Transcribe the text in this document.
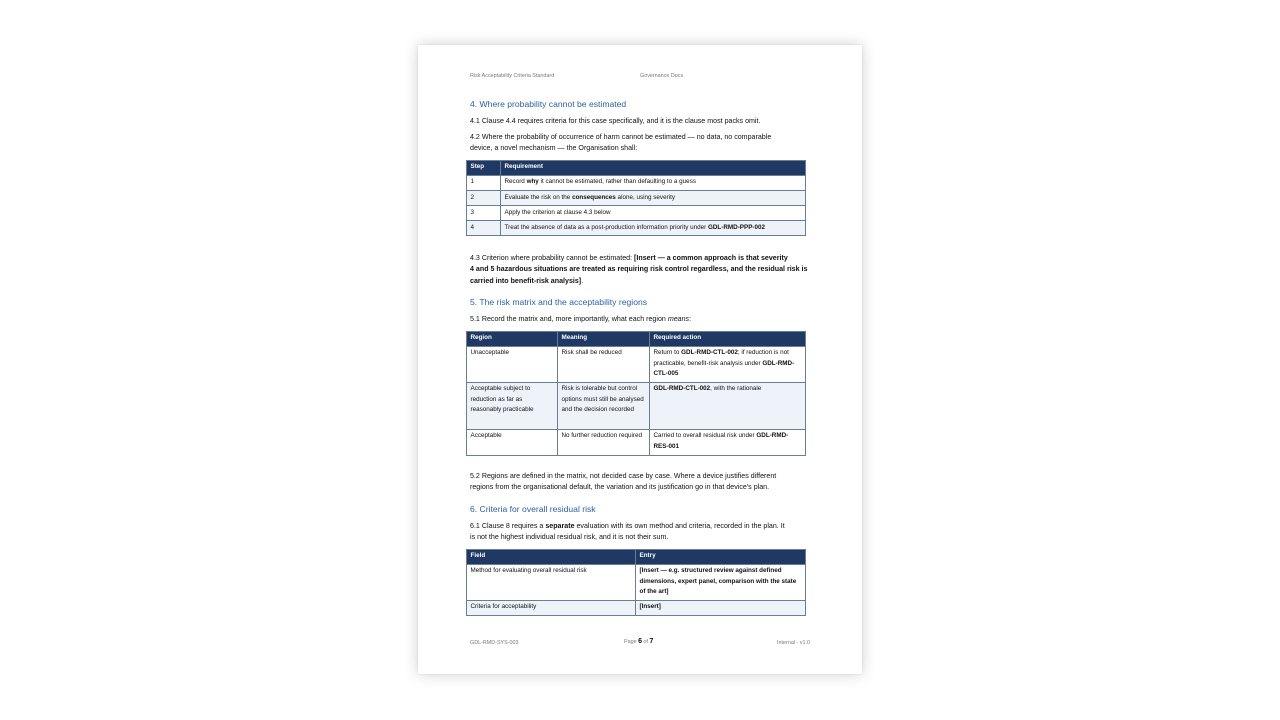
Risk Acceptability Criteria Standard	Governance Docs
4. Where probability cannot be estimated
4.1 Clause 4.4 requires criteria for this case specifically, and it is the clause most packs omit.
4.2 Where the probability of occurrence of harm cannot be estimated — no data, no comparable
device, a novel mechanism — the Organisation shall:
Step	Requirement
1	Record why it cannot be estimated, rather than defaulting to a guess
2	Evaluate the risk on the consequences alone, using severity
3	Apply the criterion at clause 4.3 below
4	Treat the absence of data as a post-production information priority under GDL-RMD-PPP-002
4.3 Criterion where probability cannot be estimated: [Insert — a common approach is that severity
4 and 5 hazardous situations are treated as requiring risk control regardless, and the residual risk is
carried into benefit-risk analysis].
5. The risk matrix and the acceptability regions
5.1 Record the matrix and, more importantly, what each region means:
Region	Meaning	Required action
Unacceptable	Risk shall be reduced	Return to GDL-RMD-CTL-002; if reduction is not practicable, benefit-risk analysis under GDL-RMD-CTL-005
Acceptable subject to reduction as far as reasonably practicable	Risk is tolerable but control options must still be analysed and the decision recorded	GDL-RMD-CTL-002, with the rationale
Acceptable	No further reduction required	Carried to overall residual risk under GDL-RMD-RES-001
5.2 Regions are defined in the matrix, not decided case by case. Where a device justifies different
regions from the organisational default, the variation and its justification go in that device's plan.
6. Criteria for overall residual risk
6.1 Clause 8 requires a separate evaluation with its own method and criteria, recorded in the plan. It
is not the highest individual residual risk, and it is not their sum.
Field	Entry
Method for evaluating overall residual risk	[Insert — e.g. structured review against defined dimensions, expert panel, comparison with the state of the art]
Criteria for acceptability	[Insert]
GDL-RMD-SYS-003	Page 6 of 7	Internal - v1.0
